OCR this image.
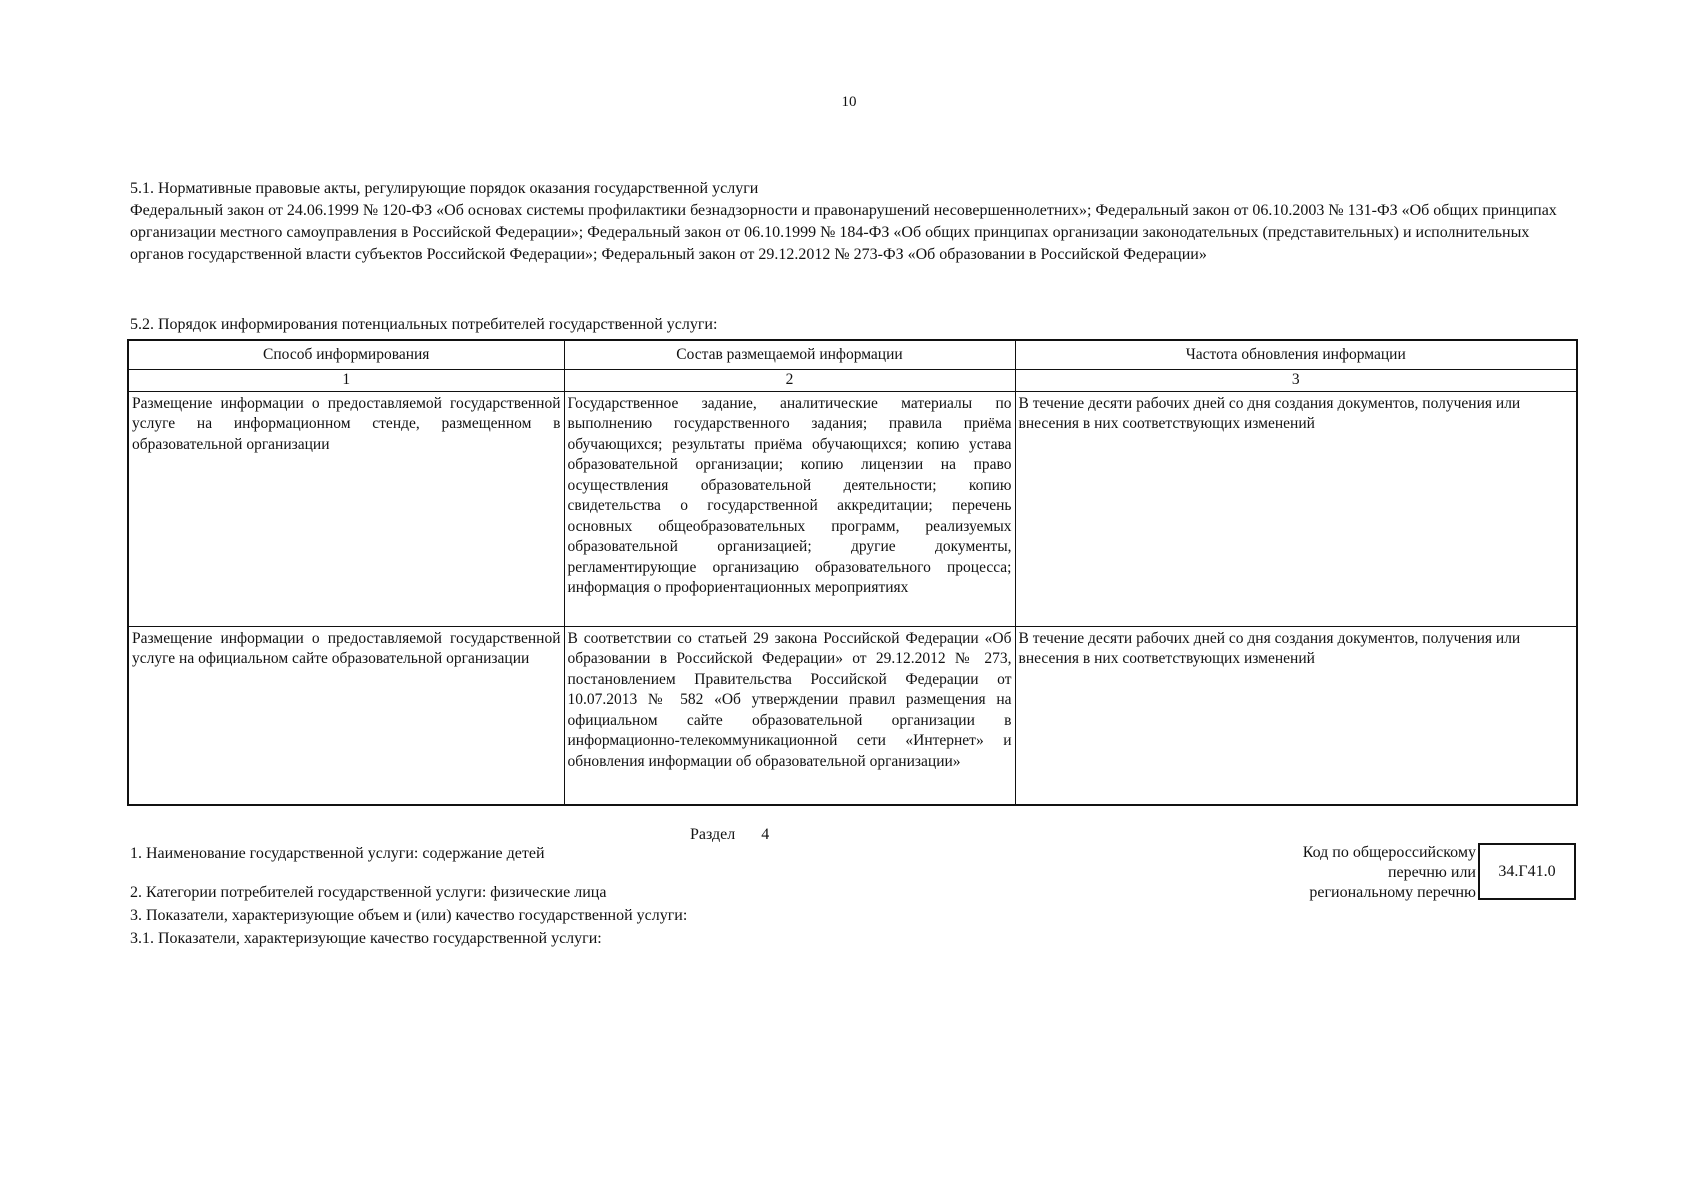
10
5.1. Нормативные правовые акты, регулирующие порядок оказания государственной услуги
Федеральный закон от 24.06.1999 № 120-ФЗ «Об основах системы профилактики безнадзорности и правонарушений несовершеннолетних»; Федеральный закон от 06.10.2003 № 131-ФЗ «Об общих принципах организации местного самоуправления в Российской Федерации»; Федеральный закон от 06.10.1999 № 184-ФЗ «Об общих принципах организации законодательных (представительных) и исполнительных органов государственной власти субъектов Российской Федерации»; Федеральный закон от 29.12.2012 № 273-ФЗ «Об образовании в Российской Федерации»
5.2. Порядок информирования потенциальных потребителей государственной услуги:
Способ информирования	Состав размещаемой информации	Частота обновления информации
1	2	3
Размещение информации о предоставляемой государственной услуге на информационном стенде, размещенном в образовательной организации	Государственное задание, аналитические материалы по выполнению государственного задания; правила приёма обучающихся; результаты приёма обучающихся; копию устава образовательной организации; копию лицензии на право осуществления образовательной деятельности; копию свидетельства о государственной аккредитации; перечень основных общеобразовательных программ, реализуемых образовательной организацией; другие документы, регламентирующие организацию образовательного процесса; информация о профориентационных мероприятиях	В течение десяти рабочих дней со дня создания документов, получения или внесения в них соответствующих изменений
Размещение информации о предоставляемой государственной услуге на официальном сайте образовательной организации	В соответствии со статьей 29 закона Российской Федерации «Об образовании в Российской Федерации» от 29.12.2012 № 273, постановлением Правительства Российской Федерации от 10.07.2013 № 582 «Об утверждении правил размещения на официальном сайте образовательной организации в информационно-телекоммуникационной сети «Интернет» и обновления информации об образовательной организации»	В течение десяти рабочих дней со дня создания документов, получения или внесения в них соответствующих изменений
Раздел 4
1. Наименование государственной услуги: содержание детей
2. Категории потребителей государственной услуги: физические лица
3. Показатели, характеризующие объем и (или) качество государственной услуги:
3.1. Показатели, характеризующие качество государственной услуги:
Код по общероссийскому
перечню или
региональному перечню
34.Г41.0
